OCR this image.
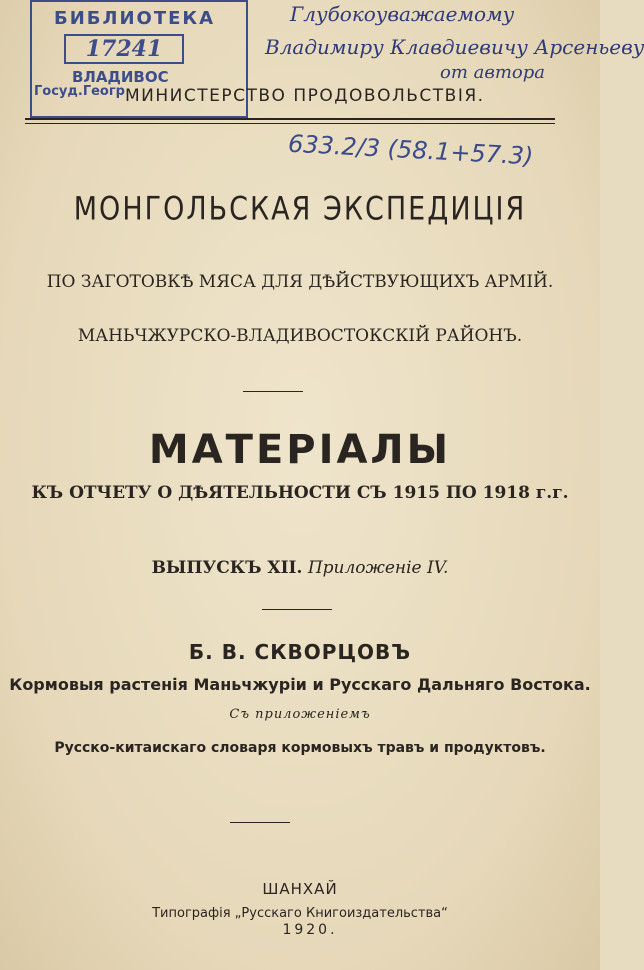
БИБЛИОТЕКА
17241
ВЛАДИВОС
Госуд.Геогр
Глубокоуважаемому
Владимиру Клавдиевичу Арсеньеву
от автора
МИНИСТЕРСТВО ПРОДОВОЛЬСТВІЯ.
633.2/3 (58.1+57.3)
МОНГОЛЬСКАЯ ЭКСПЕДИЦІЯ
ПО ЗАГОТОВКѢ МЯСА ДЛЯ ДѢЙСТВУЮЩИХЪ АРМІЙ.
МАНЬЧЖУРСКО-ВЛАДИВОСТОКСКІЙ РАЙОНЪ.
МАТЕРІАЛЫ
КЪ ОТЧЕТУ О ДѢЯТЕЛЬНОСТИ СЪ 1915 ПО 1918 г.г.
ВЫПУСКЪ XII. Приложеніе IV.
Б. В. СКВОРЦОВЪ
Кормовыя растенія Маньчжуріи и Русскаго Дальняго Востока.
Съ приложеніемъ
Русско-китаискаго словаря кормовыхъ травъ и продуктовъ.
ШАНХАЙ
Типографія „Русскаго Книгоиздательства“
1920.
